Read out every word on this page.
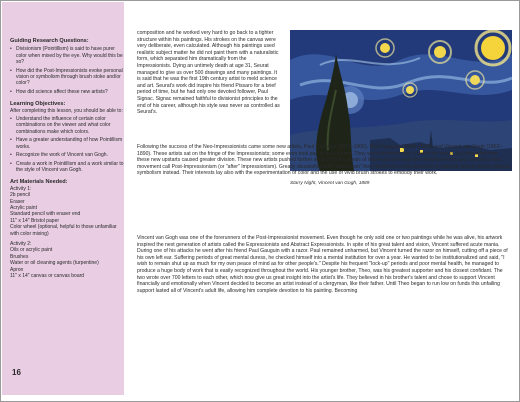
Guiding Research Questions:
• Divisionism (Pointillism) is said to have purer color when mixed by the eye. Why would this be so?
• How did the Post-Impressionists evoke personal vision or symbolism through brush stoke and/or color?
• How did science affect these new artists?
Learning Objectives:
After completing this lesson, you should be able to:
• Understand the influence of certain color combinations on the viewer and what color combinations make which colors.
• Have a greater understanding of how Pointillism works.
• Recognize the work of Vincent van Gogh.
• Create a work in Pointillism and a work similar to the style of Vincent van Gogh.
Art Materials Needed:
Activity 1:
2b pencil
Eraser
Acrylic paint
Standard pencil with eraser end
11" x 14" Bristol paper
Color wheel (optional, helpful to those unfamiliar with color mixing)
Activity 2:
Oils or acrylic paint
Brushes
Water or oil cleaning agents (turpentine)
Apron
11" x 14" canvas or canvas board
16

composition and he worked very hard to go back to a tighter structure within his paintings. His strokes on the canvas were very deliberate, even calculated. Although his paintings used realistic subject matter he did not paint them with a naturalistic form, which separated him dramatically from the Impressionists. Dying an untimely death at age 31, Seurat managed to give us over 500 drawings and many paintings. It is said that he was the first 19th century artist to meld science and art. Seurat's work did inspire his friend Pissaro for a brief period of time, but he had only one devoted follower, Paul Signac. Signac remained faithful to divisionist principles to the end of his career, although his style was never as controlled as Seurat's.

Starry Night, Vincent van Gogh, 1889

Following the success of the Neo-Impressionists came some new artists, Paul Cézanne (1839–1906), Paul Gauguin (1848–1903), and Vincent van Gogh (1853–1890). These artists sat on the fringe of the Impressionists; some even took part in their shows. They were befriended by a few in the group, but others felt that these new upstarts caused greater division. These new artists pushed farther away from the ideals of Impressionism and Neo-Impressionism and created a new movement call Post-Impressionism (or "after" Impressionism). Greatly dissatisfied with "naturalism" they desired to evoke personal or spiritual visions and to express symbolism instead. Their interests lay also with the experimentation of color and the use of vivid brush strokes to embody their work.

Vincent van Gogh was one of the forerunners of the Post-Impressionist movement. Even though he only sold one or two paintings while he was alive, his artwork inspired the next generation of artists called the Expressionists and Abstract Expressionists. In spite of his great talent and vision, Vincent suffered acute mania. During one of his attacks he went after his friend Paul Gauguin with a razor. Paul remained unharmed, but Vincent turned the razor on himself, cutting off a piece of his own left ear. Suffering periods of great mental duress, he checked himself into a mental institution for over a year. He wanted to be institutionalized and said, "I wish to remain shut up as much for my own peace of mind as for other people's." Despite his frequent "lock-up" periods and poor mental health, he managed to produce a huge body of work that is easily recognized throughout the world. His younger brother, Theo, was his greatest supporter and his closest confidant. The two wrote over 700 letters to each other, which now give us great insight into the artist's life. They believed in his brother's talent and chose to support Vincent financially and emotionally when Vincent decided to become an artist instead of a clergyman, like their father. Until Theo began to run low on funds this unfailing support lasted all of Vincent's adult life, allowing him complete devotion to his painting. Becoming
